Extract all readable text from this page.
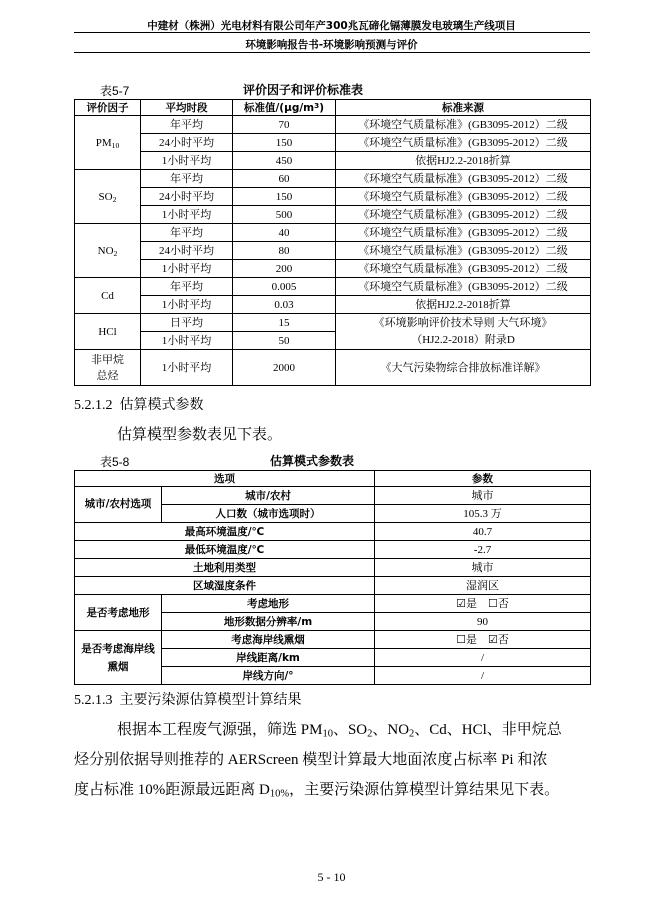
中建材（株洲）光电材料有限公司年产300兆瓦碲化镉薄膜发电玻璃生产线项目
环境影响报告书-环境影响预测与评价
表5-7	评价因子和评价标准表
评价因子	平均时段	标准值$/(\mu g/m^3)$	标准来源
$PM_{10}$	年平均	70	《环境空气质量标准》(GB3095-2012）二级
	24小时平均	150	《环境空气质量标准》(GB3095-2012）二级
	1小时平均	450	依据HJ2.2-2018折算
$SO_2$	年平均	60	《环境空气质量标准》(GB3095-2012）二级
	24小时平均	150	《环境空气质量标准》(GB3095-2012）二级
	1小时平均	500	《环境空气质量标准》(GB3095-2012）二级
$NO_2$	年平均	40	《环境空气质量标准》(GB3095-2012）二级
	24小时平均	80	《环境空气质量标准》(GB3095-2012）二级
	1小时平均	200	《环境空气质量标准》(GB3095-2012）二级
Cd	年平均	0.005	《环境空气质量标准》(GB3095-2012）二级
	1小时平均	0.03	依据HJ2.2-2018折算
HCl	日平均	15	《环境影响评价技术导则 大气环境》
（HJ2.2-2018）附录D

	1小时平均	50	

非甲烷总烃	1小时平均	2000	《大气污染物综合排放标准详解》
5.2.1.2 估算模式参数
估算模型参数表见下表。
表5-8	估算模式参数表
选项		参数

城市/农村选项	城市/农村	城市
	人口数（城市选项时）	105.3 万
最高环境温度/℃		40.7
最低环境温度/℃		-2.7
土地利用类型		城市
区域湿度条件		湿润区
是否考虑地形	考虑地形	☑是 ☐否
	地形数据分辨率/m	90

是否考虑海岸线熏烟	考虑海岸线熏烟	☐是 ☑否
	岸线距离/km	/
	岸线方向/°	/
5.2.1.3 主要污染源估算模型计算结果
根据本工程废气源强，筛选 $PM_{10}$、$SO_2$、$NO_2$、Cd、HCl、非甲烷总
烃分别依据导则推荐的 AERScreen 模型计算最大地面浓度占标率 Pi 和浓
度占标准 10%距源最远距离 $D_{10\%}$，主要污染源估算模型计算结果见下表。
5 - 10
